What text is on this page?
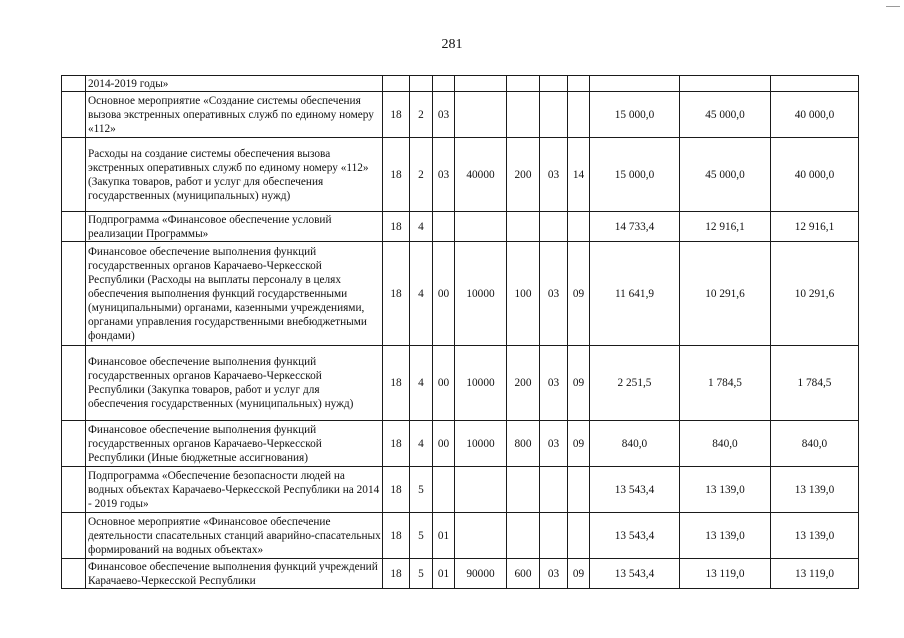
281
	2014-2019 годы»										
	Основное мероприятие «Создание системы обеспечения вызова экстренных оперативных служб по единому номеру «112»	18	2	03					15 000,0	45 000,0	40 000,0
	Расходы на создание системы обеспечения вызова экстренных оперативных служб по единому номеру «112» (Закупка товаров, работ и услуг для обеспечения государственных (муниципальных) нужд)	18	2	03	40000	200	03	14	15 000,0	45 000,0	40 000,0
	Подпрограмма «Финансовое обеспечение условий реализации Программы»	18	4						14 733,4	12 916,1	12 916,1
	Финансовое обеспечение выполнения функций государственных органов Карачаево-Черкесской Республики (Расходы на выплаты персоналу в целях обеспечения выполнения функций государственными (муниципальными) органами, казенными учреждениями, органами управления государственными внебюджетными фондами)	18	4	00	10000	100	03	09	11 641,9	10 291,6	10 291,6
	Финансовое обеспечение выполнения функций государственных органов Карачаево-Черкесской Республики (Закупка товаров, работ и услуг для обеспечения государственных (муниципальных) нужд)	18	4	00	10000	200	03	09	2 251,5	1 784,5	1 784,5
	Финансовое обеспечение выполнения функций государственных органов Карачаево-Черкесской Республики (Иные бюджетные ассигнования)	18	4	00	10000	800	03	09	840,0	840,0	840,0
	Подпрограмма «Обеспечение безопасности людей на водных объектах Карачаево-Черкесской Республики на 2014 - 2019 годы»	18	5						13 543,4	13 139,0	13 139,0
	Основное мероприятие «Финансовое обеспечение деятельности спасательных станций аварийно-спасательных формирований на водных объектах»	18	5	01					13 543,4	13 139,0	13 139,0
	Финансовое обеспечение выполнения функций учреждений Карачаево-Черкесской Республики	18	5	01	90000	600	03	09	13 543,4	13 119,0	13 119,0
